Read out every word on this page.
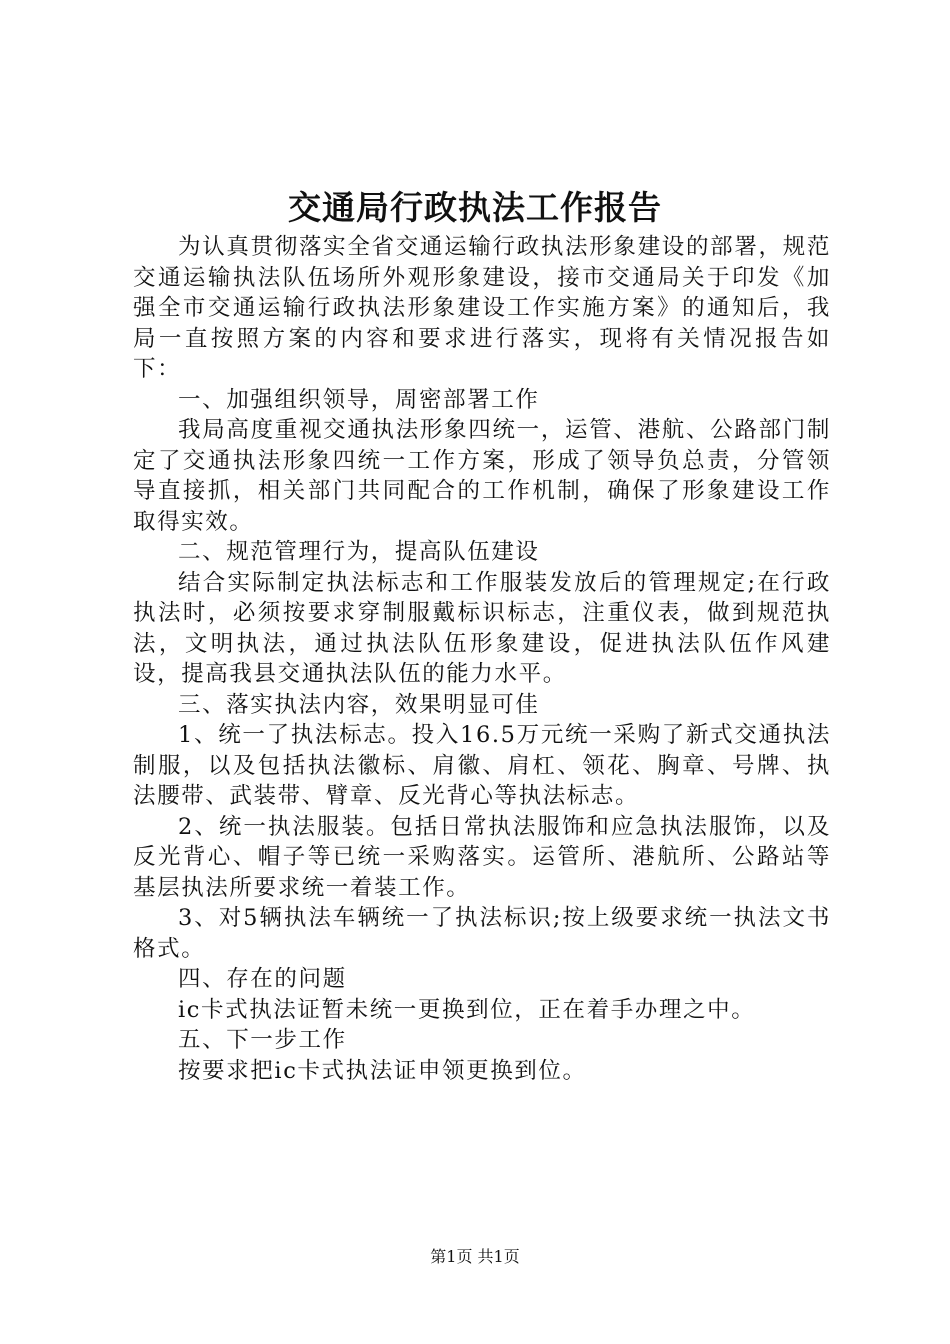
交通局行政执法工作报告

为认真贯彻落实全省交通运输行政执法形象建设的部署，规范交通运输执法队伍场所外观形象建设，接市交通局关于印发《加强全市交通运输行政执法形象建设工作实施方案》的通知后，我局一直按照方案的内容和要求进行落实，现将有关情况报告如下：

一、加强组织领导，周密部署工作

我局高度重视交通执法形象四统一，运管、港航、公路部门制定了交通执法形象四统一工作方案，形成了领导负总责，分管领导直接抓，相关部门共同配合的工作机制，确保了形象建设工作取得实效。

二、规范管理行为，提高队伍建设

结合实际制定执法标志和工作服装发放后的管理规定;在行政执法时，必须按要求穿制服戴标识标志，注重仪表，做到规范执法，文明执法，通过执法队伍形象建设，促进执法队伍作风建设，提高我县交通执法队伍的能力水平。

三、落实执法内容，效果明显可佳

1、统一了执法标志。投入16.5万元统一采购了新式交通执法制服，以及包括执法徽标、肩徽、肩杠、领花、胸章、号牌、执法腰带、武装带、臂章、反光背心等执法标志。

2、统一执法服装。包括日常执法服饰和应急执法服饰，以及反光背心、帽子等已统一采购落实。运管所、港航所、公路站等基层执法所要求统一着装工作。

3、对5辆执法车辆统一了执法标识;按上级要求统一执法文书格式。

四、存在的问题

ic卡式执法证暂未统一更换到位，正在着手办理之中。

五、下一步工作

按要求把ic卡式执法证申领更换到位。

第1页 共1页
